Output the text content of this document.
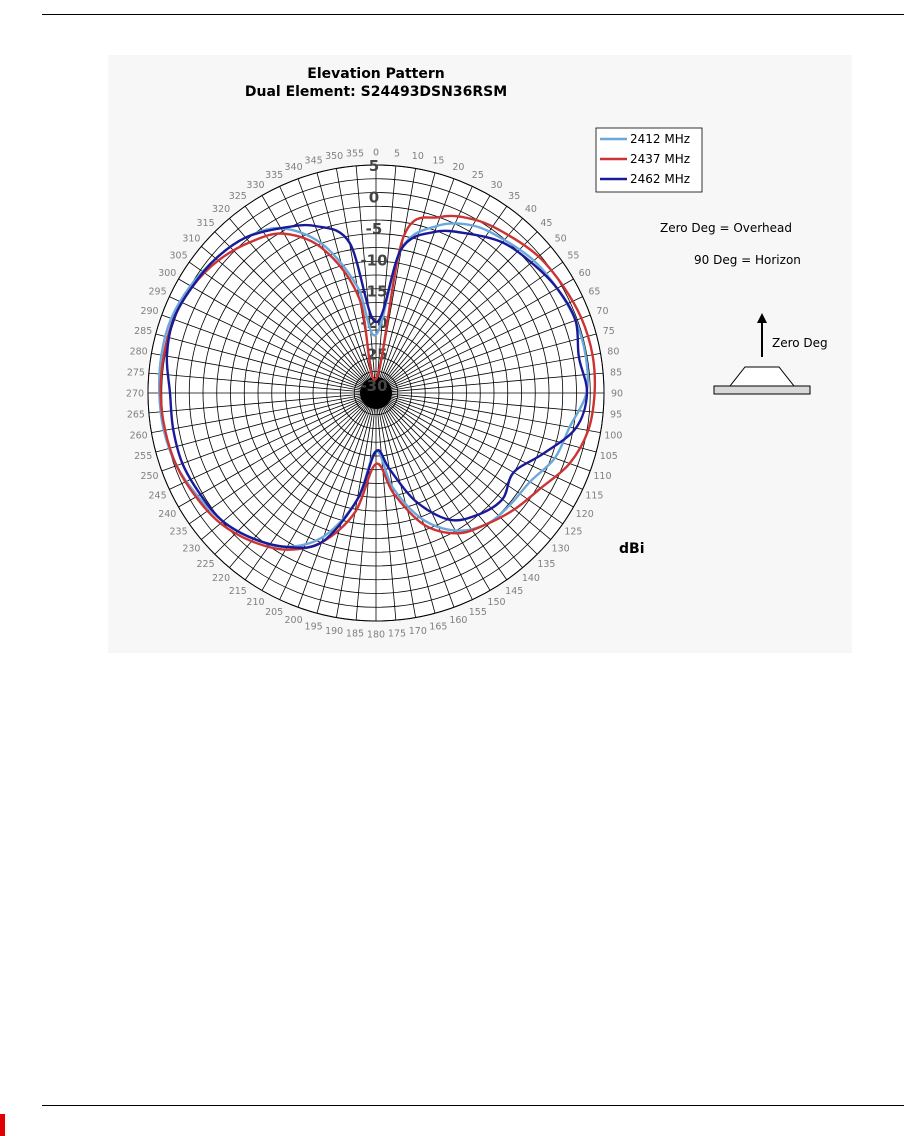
Elevation Pattern
Dual Element: S24493DSN36RSM
0 5 10 15
20
25
30
35
40
45
50
55
60
65
70
75
80
85
90
95
100
105
110
115
120
125
130
135
140
145
150
155
160
165
170
175
180
185
190
195
200
205
210
215
220
225
230
235
240
245
250
255
260
265
270
275
280
285
290
295
300
305
310
315
320
325
330
335
340
345 350 355
5
0
-5
-10
-15
-20
-25
-30
2412 MHz
2437 MHz
2462 MHz
Zero Deg = Overhead
90 Deg = Horizon
Zero Deg
dBi
